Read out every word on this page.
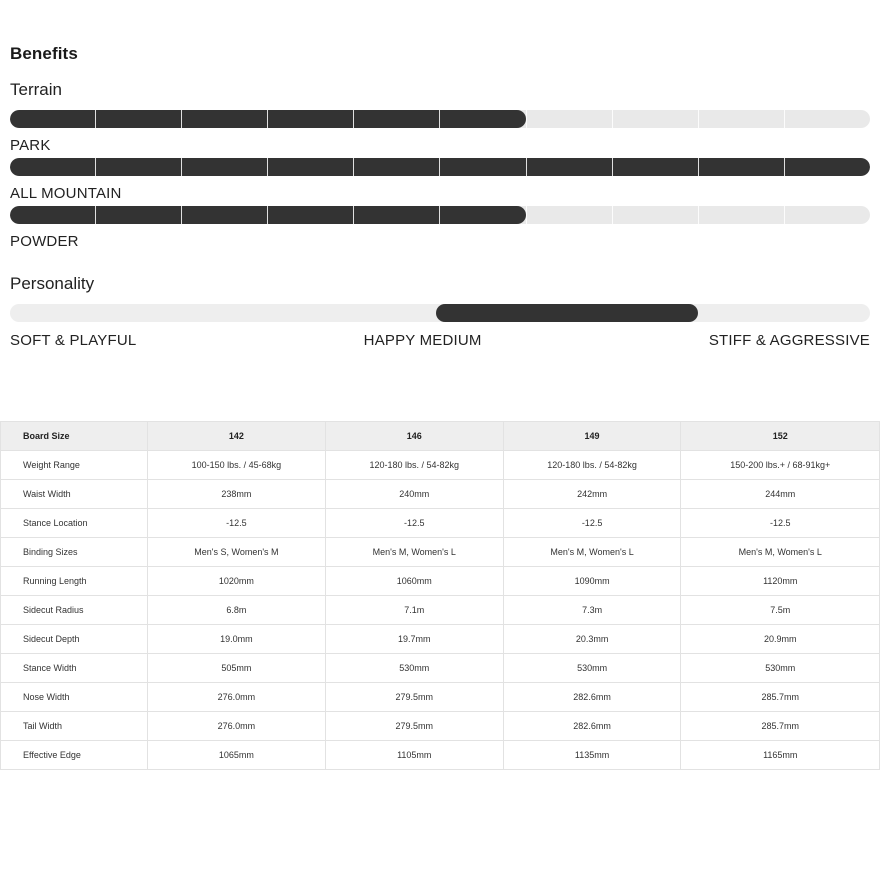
Benefits
Terrain
PARK
ALL MOUNTAIN
POWDER
Personality
SOFT & PLAYFUL	HAPPY MEDIUM	STIFF & AGGRESSIVE
Board Size	142	146	149	152
Weight Range	100-150 lbs. / 45-68kg	120-180 lbs. / 54-82kg	120-180 lbs. / 54-82kg	150-200 lbs.+ / 68-91kg+
Waist Width	238mm	240mm	242mm	244mm
Stance Location	-12.5	-12.5	-12.5	-12.5
Binding Sizes	Men's S, Women's M	Men's M, Women's L	Men's M, Women's L	Men's M, Women's L
Running Length	1020mm	1060mm	1090mm	1120mm
Sidecut Radius	6.8m	7.1m	7.3m	7.5m
Sidecut Depth	19.0mm	19.7mm	20.3mm	20.9mm
Stance Width	505mm	530mm	530mm	530mm
Nose Width	276.0mm	279.5mm	282.6mm	285.7mm
Tail Width	276.0mm	279.5mm	282.6mm	285.7mm
Effective Edge	1065mm	1105mm	1135mm	1165mm
